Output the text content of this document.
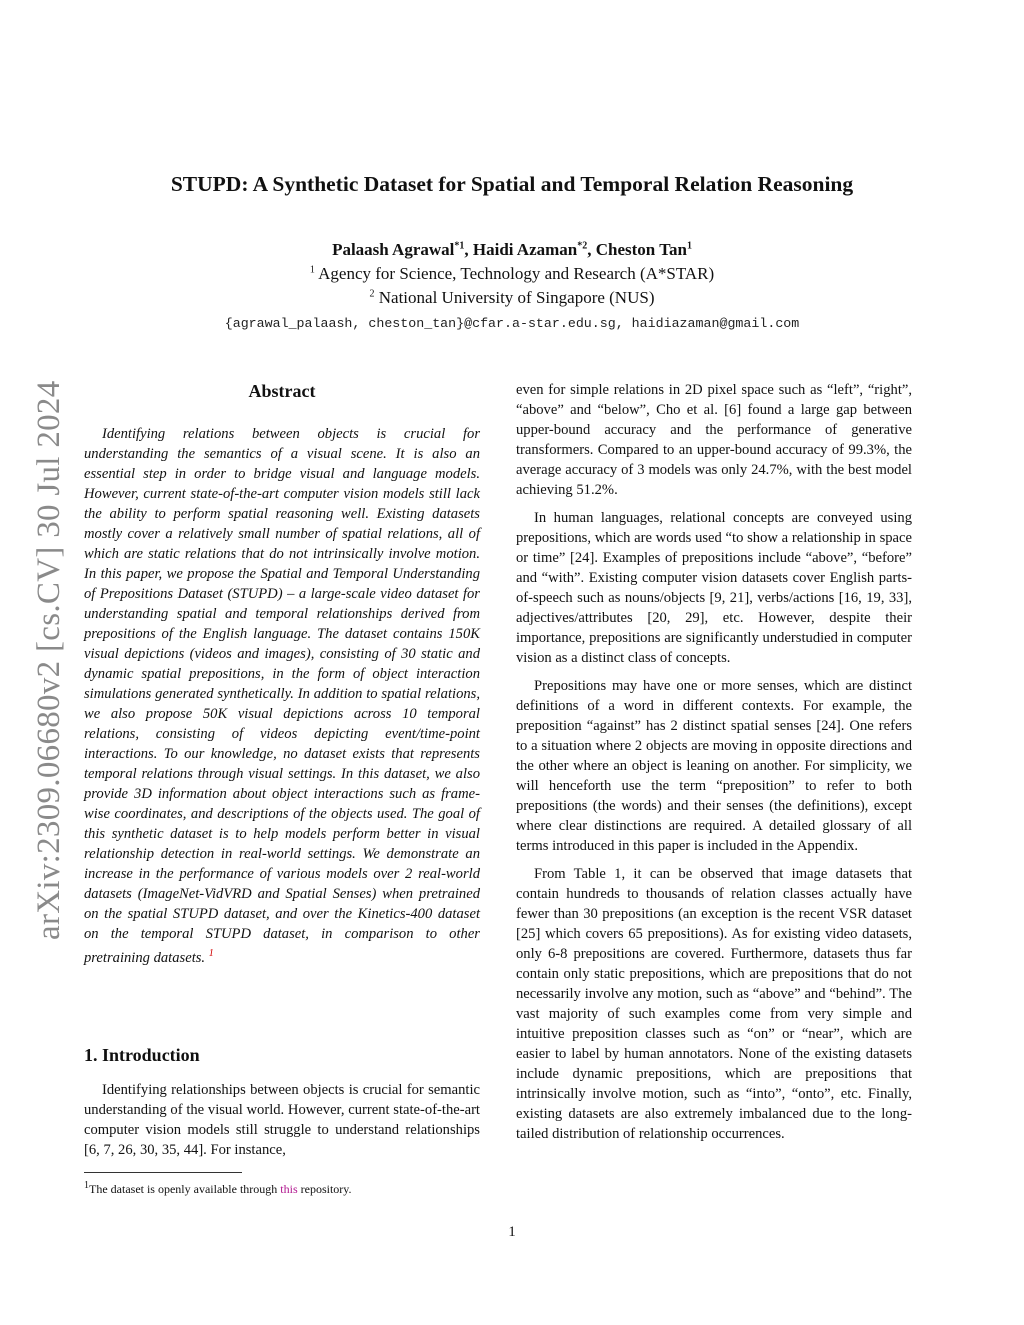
arXiv:2309.06680v2 [cs.CV] 30 Jul 2024
STUPD: A Synthetic Dataset for Spatial and Temporal Relation Reasoning
Palaash Agrawal$^{*1}$, Haidi Azaman$^{*2}$, Cheston Tan$^1$
$^1$ Agency for Science, Technology and Research (A*STAR)
$^2$ National University of Singapore (NUS)
{agrawal_palaash, cheston_tan}@cfar.a-star.edu.sg, haidiazaman@gmail.com
Abstract
Identifying relations between objects is crucial for understanding the semantics of a visual scene. It is also an essential step in order to bridge visual and language models. However, current state-of-the-art computer vision models still lack the ability to perform spatial reasoning well. Existing datasets mostly cover a relatively small number of spatial relations, all of which are static relations that do not intrinsically involve motion. In this paper, we propose the Spatial and Temporal Understanding of Prepositions Dataset (STUPD) – a large-scale video dataset for understanding spatial and temporal relationships derived from prepositions of the English language. The dataset contains 150K visual depictions (videos and images), consisting of 30 static and dynamic spatial prepositions, in the form of object interaction simulations generated synthetically. In addition to spatial relations, we also propose 50K visual depictions across 10 temporal relations, consisting of videos depicting event/time-point interactions. To our knowledge, no dataset exists that represents temporal relations through visual settings. In this dataset, we also provide 3D information about object interactions such as frame-wise coordinates, and descriptions of the objects used. The goal of this synthetic dataset is to help models perform better in visual relationship detection in real-world settings. We demonstrate an increase in the performance of various models over 2 real-world datasets (ImageNet-VidVRD and Spatial Senses) when pretrained on the spatial STUPD dataset, and over the Kinetics-400 dataset on the temporal STUPD dataset, in comparison to other pretraining datasets. $^1$
1. Introduction

Identifying relationships between objects is crucial for semantic understanding of the visual world. However, current state-of-the-art computer vision models still struggle to understand relationships [6, 7, 26, 30, 35, 44]. For instance,

even for simple relations in 2D pixel space such as “left”, “right”, “above” and “below”, Cho et al. [6] found a large gap between upper-bound accuracy and the performance of generative transformers. Compared to an upper-bound accuracy of 99.3%, the average accuracy of 3 models was only 24.7%, with the best model achieving 51.2%.

In human languages, relational concepts are conveyed using prepositions, which are words used “to show a relationship in space or time” [24]. Examples of prepositions include “above”, “before” and “with”. Existing computer vision datasets cover English parts-of-speech such as nouns/objects [9, 21], verbs/actions [16, 19, 33], adjectives/attributes [20, 29], etc. However, despite their importance, prepositions are significantly understudied in computer vision as a distinct class of concepts.

Prepositions may have one or more senses, which are distinct definitions of a word in different contexts. For example, the preposition “against” has 2 distinct spatial senses [24]. One refers to a situation where 2 objects are moving in opposite directions and the other where an object is leaning on another. For simplicity, we will henceforth use the term “preposition” to refer to both prepositions (the words) and their senses (the definitions), except where clear distinctions are required. A detailed glossary of all terms introduced in this paper is included in the Appendix.

From Table 1, it can be observed that image datasets that contain hundreds to thousands of relation classes actually have fewer than 30 prepositions (an exception is the recent VSR dataset [25] which covers 65 prepositions). As for existing video datasets, only 6-8 prepositions are covered. Furthermore, datasets thus far contain only static prepositions, which are prepositions that do not necessarily involve any motion, such as “above” and “behind”. The vast majority of such examples come from very simple and intuitive preposition classes such as “on” or “near”, which are easier to label by human annotators. None of the existing datasets include dynamic prepositions, which are prepositions that intrinsically involve motion, such as “into”, “onto”, etc. Finally, existing datasets are also extremely imbalanced due to the long-tailed distribution of relationship occurrences.

$^1$The dataset is openly available through this repository.
1
